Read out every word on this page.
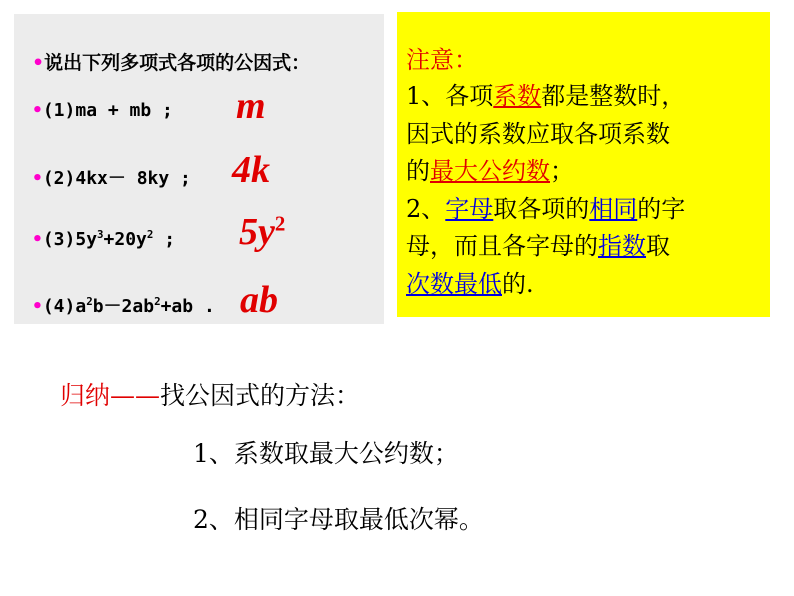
•说出下列多项式各项的公因式：
•(1)ma + mb ;
•(2)4kx－ 8ky ;
$•(3)5y^3+20y^2$ ;
$•(4)a^2b-2ab^2+ab$ .
m
4k
$5y^2$
ab
注意：
1、各项系数都是整数时，
因式的系数应取各项系数
的最大公约数；
2、字母取各项的相同的字
母，而且各字母的指数取
次数最低的.
归纳——找公因式的方法：
1、系数取最大公约数；
2、相同字母取最低次幂。
